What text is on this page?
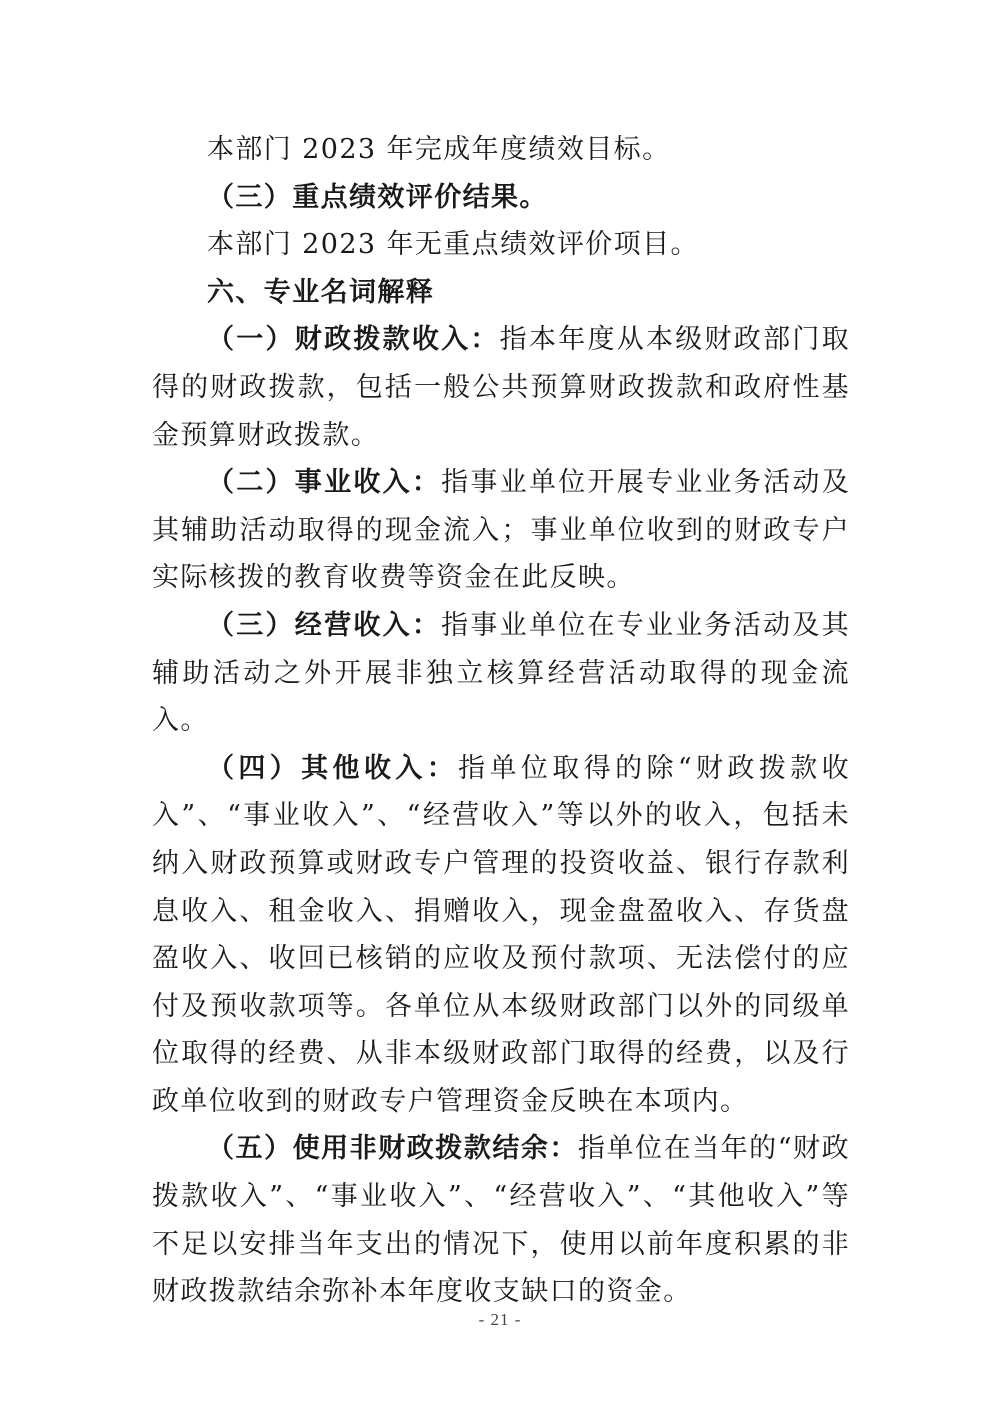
本部门 2023 年完成年度绩效目标。

（三）重点绩效评价结果。

本部门 2023 年无重点绩效评价项目。

六、专业名词解释

（一）财政拨款收入：指本年度从本级财政部门取得的财政拨款，包括一般公共预算财政拨款和政府性基金预算财政拨款。

（二）事业收入：指事业单位开展专业业务活动及其辅助活动取得的现金流入；事业单位收到的财政专户实际核拨的教育收费等资金在此反映。

（三）经营收入：指事业单位在专业业务活动及其辅助活动之外开展非独立核算经营活动取得的现金流入。

（四）其他收入：指单位取得的除“财政拨款收入”、“事业收入”、“经营收入”等以外的收入，包括未纳入财政预算或财政专户管理的投资收益、银行存款利息收入、租金收入、捐赠收入，现金盘盈收入、存货盘盈收入、收回已核销的应收及预付款项、无法偿付的应付及预收款项等。各单位从本级财政部门以外的同级单位取得的经费、从非本级财政部门取得的经费，以及行政单位收到的财政专户管理资金反映在本项内。

（五）使用非财政拨款结余：指单位在当年的“财政拨款收入”、“事业收入”、“经营收入”、“其他收入”等不足以安排当年支出的情况下，使用以前年度积累的非财政拨款结余弥补本年度收支缺口的资金。

- 21 -
